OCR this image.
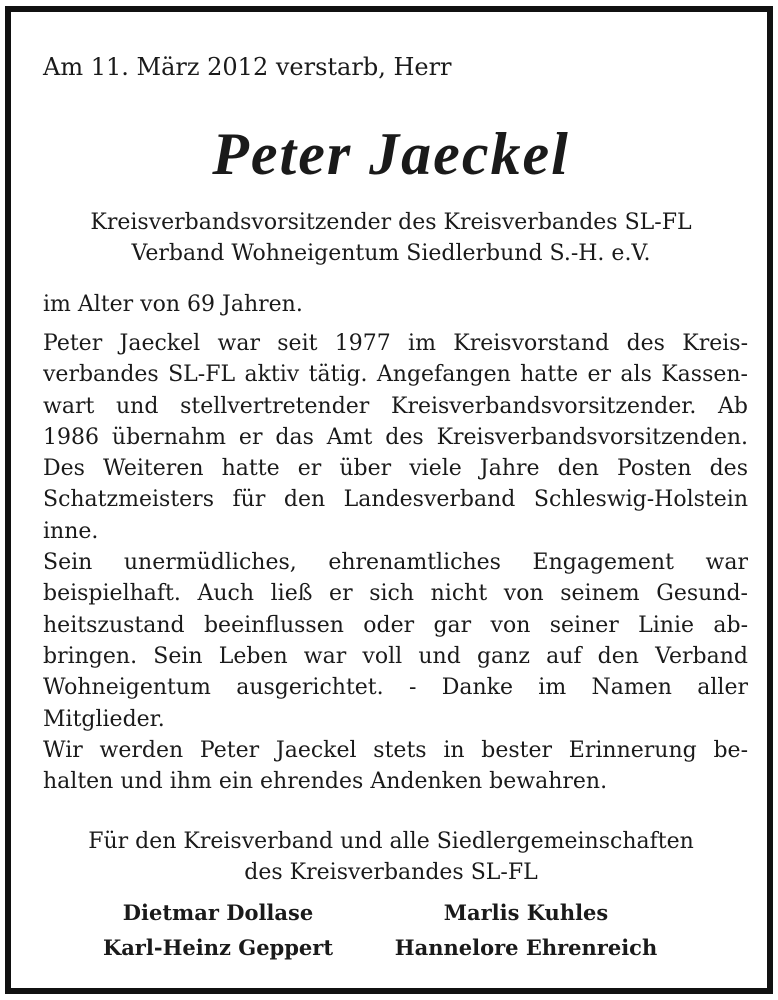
Am 11. März 2012 verstarb, Herr
Peter Jaeckel
Kreisverbandsvorsitzender des Kreisverbandes SL-FL
Verband Wohneigentum Siedlerbund S.-H. e.V.
im Alter von 69 Jahren.
Peter Jaeckel war seit 1977 im Kreisvorstand des Kreis-
verbandes SL-FL aktiv tätig. Angefangen hatte er als Kassen-
wart und stellvertretender Kreisverbandsvorsitzender. Ab
1986 übernahm er das Amt des Kreisverbandsvorsitzenden.
Des Weiteren hatte er über viele Jahre den Posten des
Schatzmeisters für den Landesverband Schleswig-Holstein
inne.
Sein unermüdliches, ehrenamtliches Engagement war
beispielhaft. Auch ließ er sich nicht von seinem Gesund-
heitszustand beeinflussen oder gar von seiner Linie ab-
bringen. Sein Leben war voll und ganz auf den Verband
Wohneigentum ausgerichtet. - Danke im Namen aller
Mitglieder.
Wir werden Peter Jaeckel stets in bester Erinnerung be-
halten und ihm ein ehrendes Andenken bewahren.
Für den Kreisverband und alle Siedlergemeinschaften
des Kreisverbandes SL-FL
Dietmar Dollase	Marlis Kuhles
Karl-Heinz Geppert	Hannelore Ehrenreich
